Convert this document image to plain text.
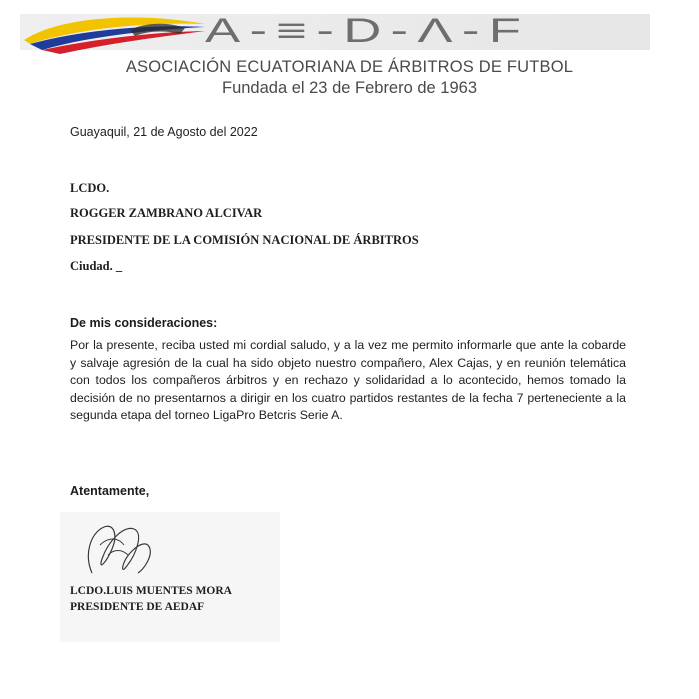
A-≡-D-Λ-F
ASOCIACIÓN ECUATORIANA DE ÁRBITROS DE FUTBOL
Fundada el 23 de Febrero de 1963
Guayaquil, 21 de Agosto del 2022
LCDO.
ROGGER ZAMBRANO ALCIVAR
PRESIDENTE DE LA COMISIÓN NACIONAL DE ÁRBITROS
Ciudad. _
De mis consideraciones:
Por la presente, reciba usted mi cordial saludo, y a la vez me permito informarle que ante la cobarde y salvaje agresión de la cual ha sido objeto nuestro compañero, Alex Cajas, y en reunión telemática con todos los compañeros árbitros y en rechazo y solidaridad a lo acontecido, hemos tomado la decisión de no presentarnos a dirigir en los cuatro partidos restantes de la fecha 7 perteneciente a la segunda etapa del torneo LigaPro Betcris Serie A.
Atentamente,
LCDO.LUIS MUENTES MORA
PRESIDENTE DE AEDAF
